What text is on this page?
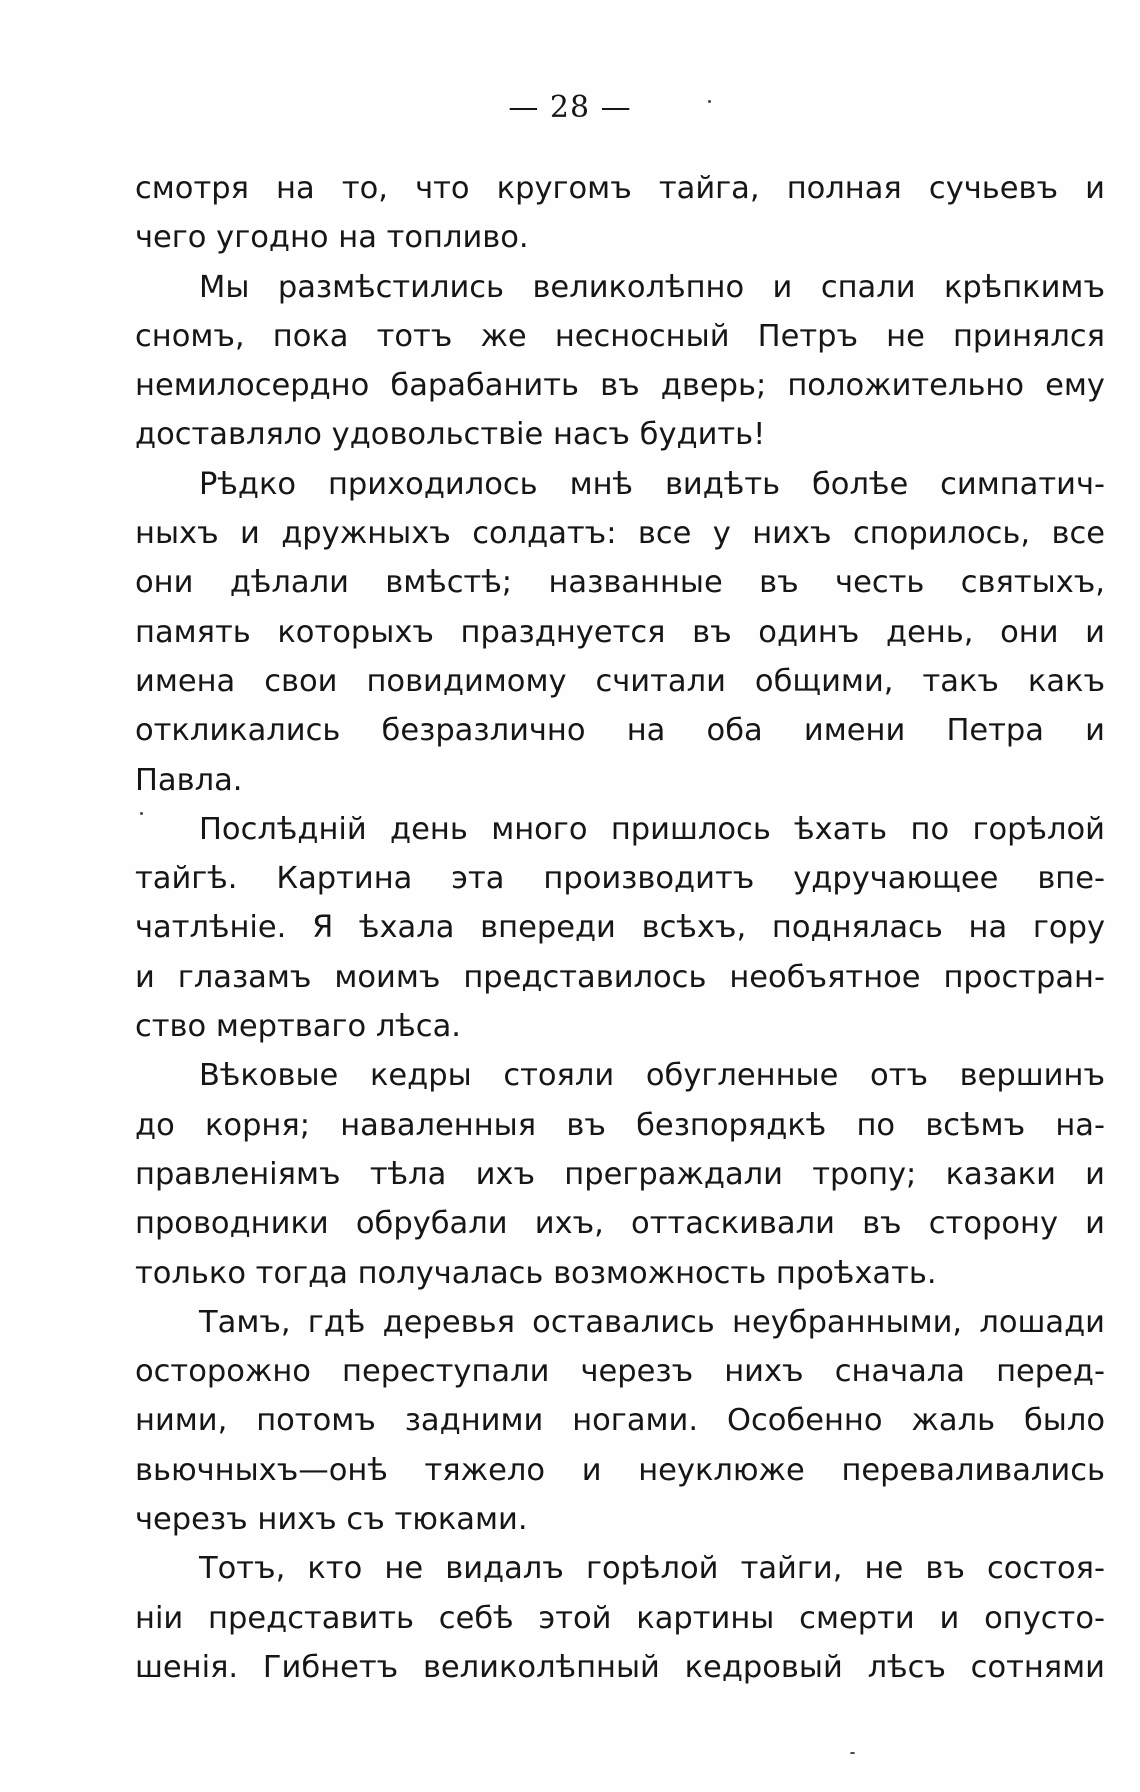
— 28 —

смотря на то, что кругомъ тайга, полная сучьевъ и
чего угодно на топливо.

Мы размѣстились великолѣпно и спали крѣпкимъ
сномъ, пока тотъ же несносный Петръ не принялся
немилосердно барабанить въ дверь; положительно ему
доставляло удовольствіе насъ будить!

Рѣдко приходилось мнѣ видѣть болѣе симпатич-
ныхъ и дружныхъ солдатъ: все у нихъ спорилось, все
они дѣлали вмѣстѣ; названные въ честь святыхъ,
память которыхъ празднуется въ одинъ день, они и
имена свои повидимому считали общими, такъ какъ
откликались безразлично на оба имени Петра и
Павла.

Послѣдній день много пришлось ѣхать по горѣлой
тайгѣ. Картина эта производитъ удручающее впе-
чатлѣніе. Я ѣхала впереди всѣхъ, поднялась на гору
и глазамъ моимъ представилось необъятное простран-
ство мертваго лѣса.

Вѣковые кедры стояли обугленные отъ вершинъ
до корня; наваленныя въ безпорядкѣ по всѣмъ на-
правленіямъ тѣла ихъ преграждали тропу; казаки и
проводники обрубали ихъ, оттаскивали въ сторону и
только тогда получалась возможность проѣхать.

Тамъ, гдѣ деревья оставались неубранными, лошади
осторожно переступали черезъ нихъ сначала перед-
ними, потомъ задними ногами. Особенно жаль было
вьючныхъ—онѣ тяжело и неуклюже переваливались
черезъ нихъ съ тюками.

Тотъ, кто не видалъ горѣлой тайги, не въ состоя-
ніи представить себѣ этой картины смерти и опусто-
шенія. Гибнетъ великолѣпный кедровый лѣсъ сотнями
